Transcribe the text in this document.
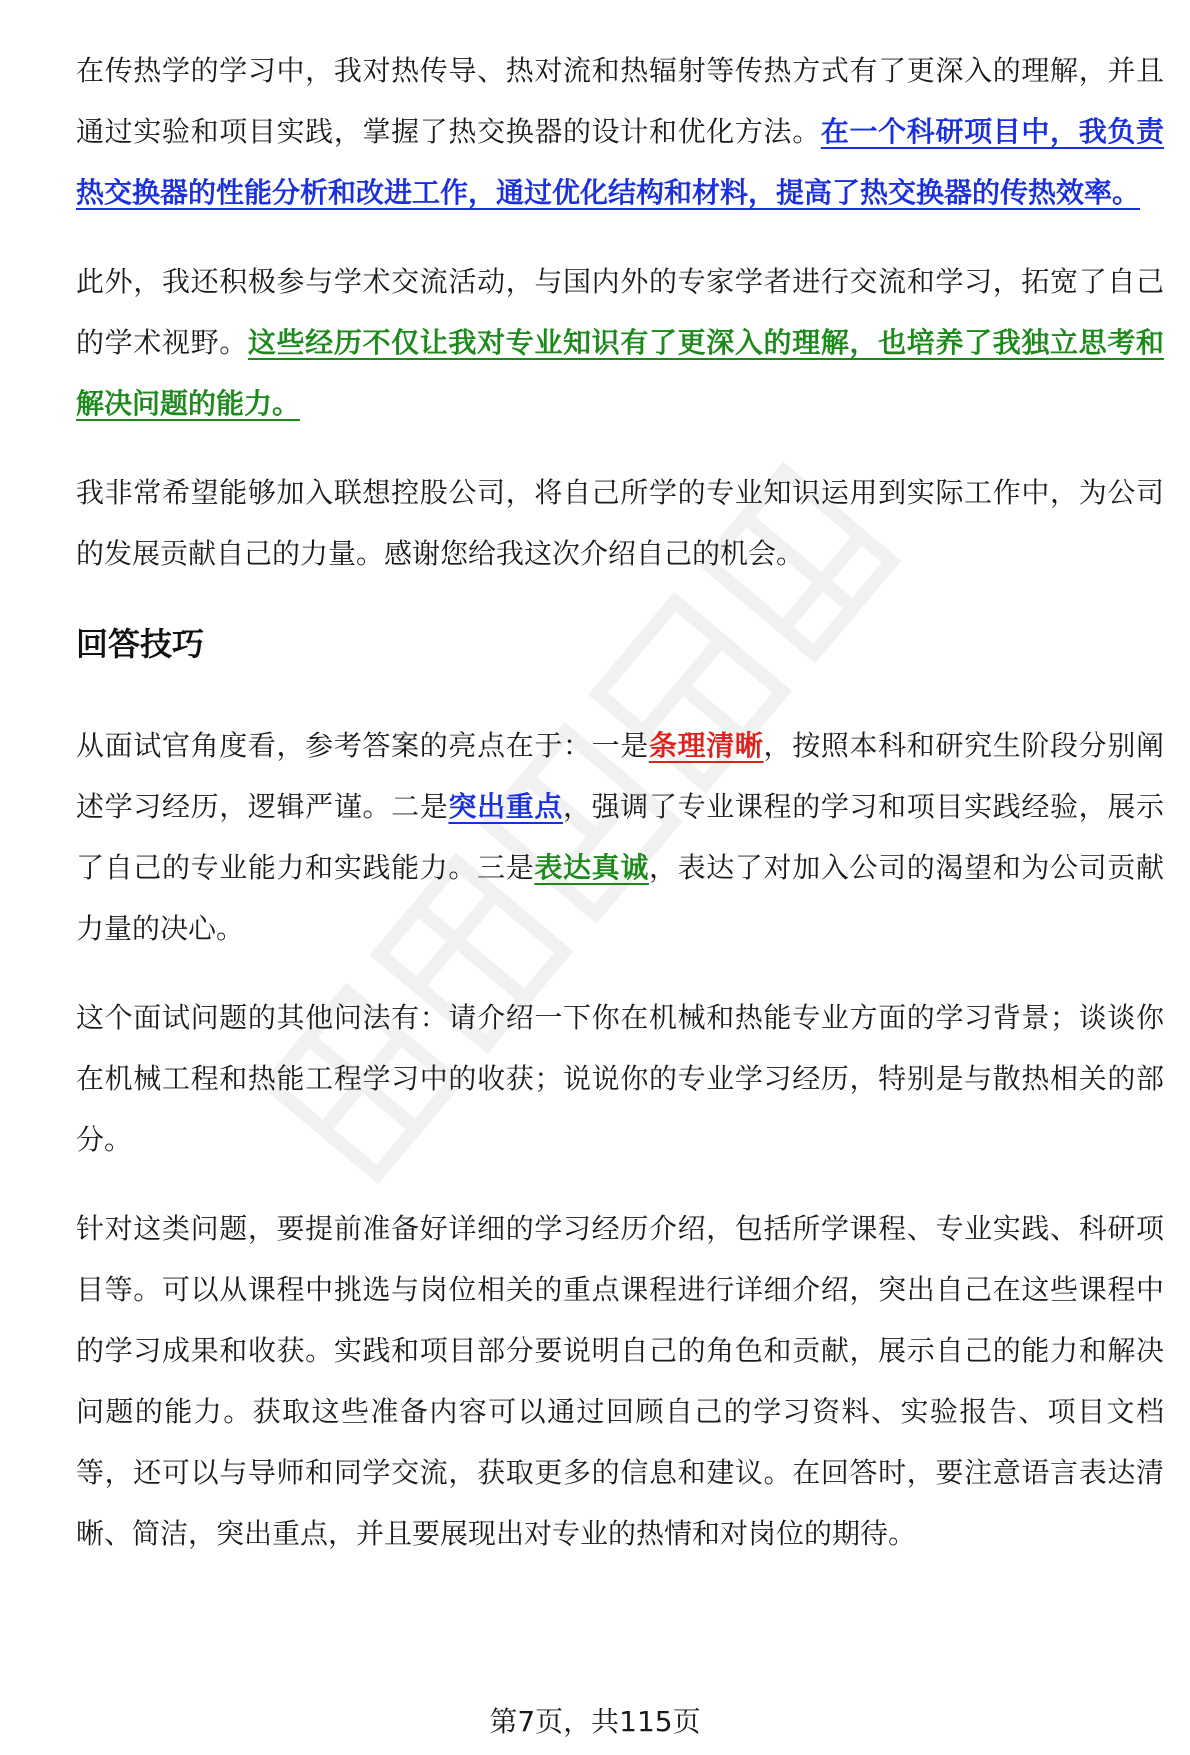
在传热学的学习中，我对热传导、热对流和热辐射等传热方式有了更深入的理解，并且通过实验和项目实践，掌握了热交换器的设计和优化方法。在一个科研项目中，我负责热交换器的性能分析和改进工作，通过优化结构和材料，提高了热交换器的传热效率。

此外，我还积极参与学术交流活动，与国内外的专家学者进行交流和学习，拓宽了自己的学术视野。这些经历不仅让我对专业知识有了更深入的理解，也培养了我独立思考和解决问题的能力。

我非常希望能够加入联想控股公司，将自己所学的专业知识运用到实际工作中，为公司的发展贡献自己的力量。感谢您给我这次介绍自己的机会。

回答技巧

从面试官角度看，参考答案的亮点在于：一是条理清晰，按照本科和研究生阶段分别阐述学习经历，逻辑严谨。二是突出重点，强调了专业课程的学习和项目实践经验，展示了自己的专业能力和实践能力。三是表达真诚，表达了对加入公司的渴望和为公司贡献力量的决心。

这个面试问题的其他问法有：请介绍一下你在机械和热能专业方面的学习背景；谈谈你在机械工程和热能工程学习中的收获；说说你的专业学习经历，特别是与散热相关的部分。

针对这类问题，要提前准备好详细的学习经历介绍，包括所学课程、专业实践、科研项目等。可以从课程中挑选与岗位相关的重点课程进行详细介绍，突出自己在这些课程中的学习成果和收获。实践和项目部分要说明自己的角色和贡献，展示自己的能力和解决问题的能力。获取这些准备内容可以通过回顾自己的学习资料、实验报告、项目文档等，还可以与导师和同学交流，获取更多的信息和建议。在回答时，要注意语言表达清晰、简洁，突出重点，并且要展现出对专业的热情和对岗位的期待。

第7页，共115页
